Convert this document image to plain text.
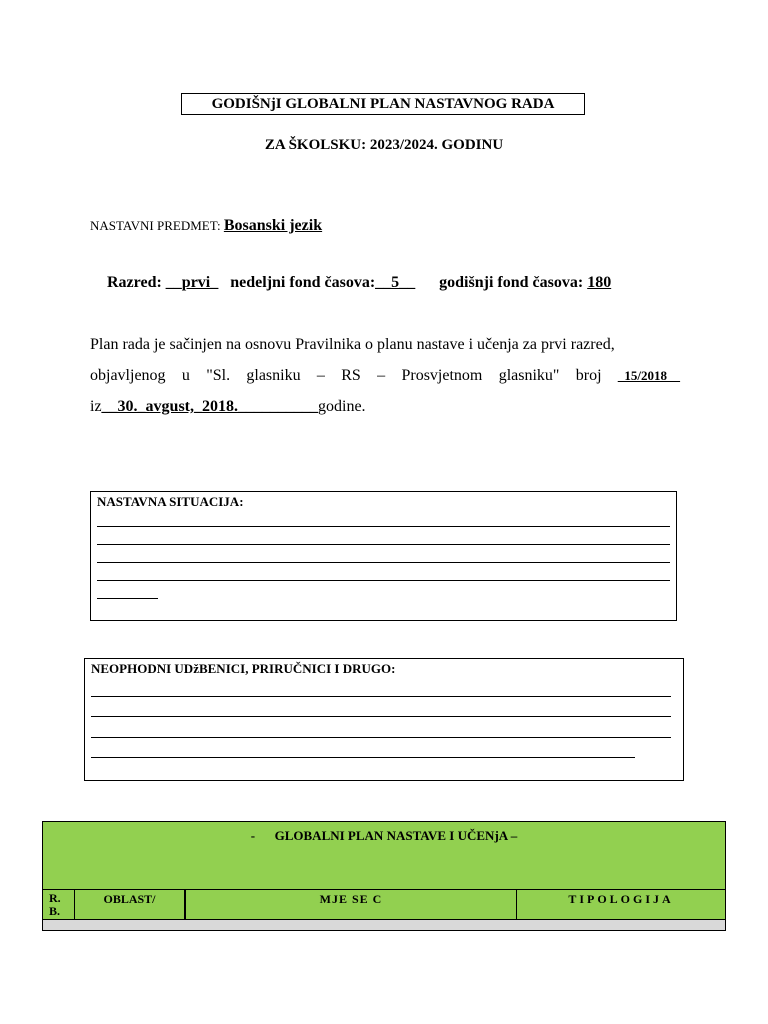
GODIŠNjI GLOBALNI PLAN NASTAVNOG RADA
ZA ŠKOLSKU: 2023/2024. GODINU
NASTAVNI PREDMET: Bosanski jezik
Razred: __prvi_ nedeljni fond časova:__5__ godišnji fond časova: 180
Plan rada je sačinjen na osnovu Pravilnika o planu nastave i učenja za prvi razred,
objavljenog u "Sl. glasniku – RS – Prosvjetnom glasniku" broj _15/2018__
iz__30._avgust,_2018.__________godine.
NASTAVNA SITUACIJA:
NEOPHODNI UDžBENICI, PRIRUČNICI I DRUGO:
-      GLOBALNI PLAN NASTAVE I UČENjA –
R.
B.
OBLAST/	MJE SE C	TIPOLOGIJA
